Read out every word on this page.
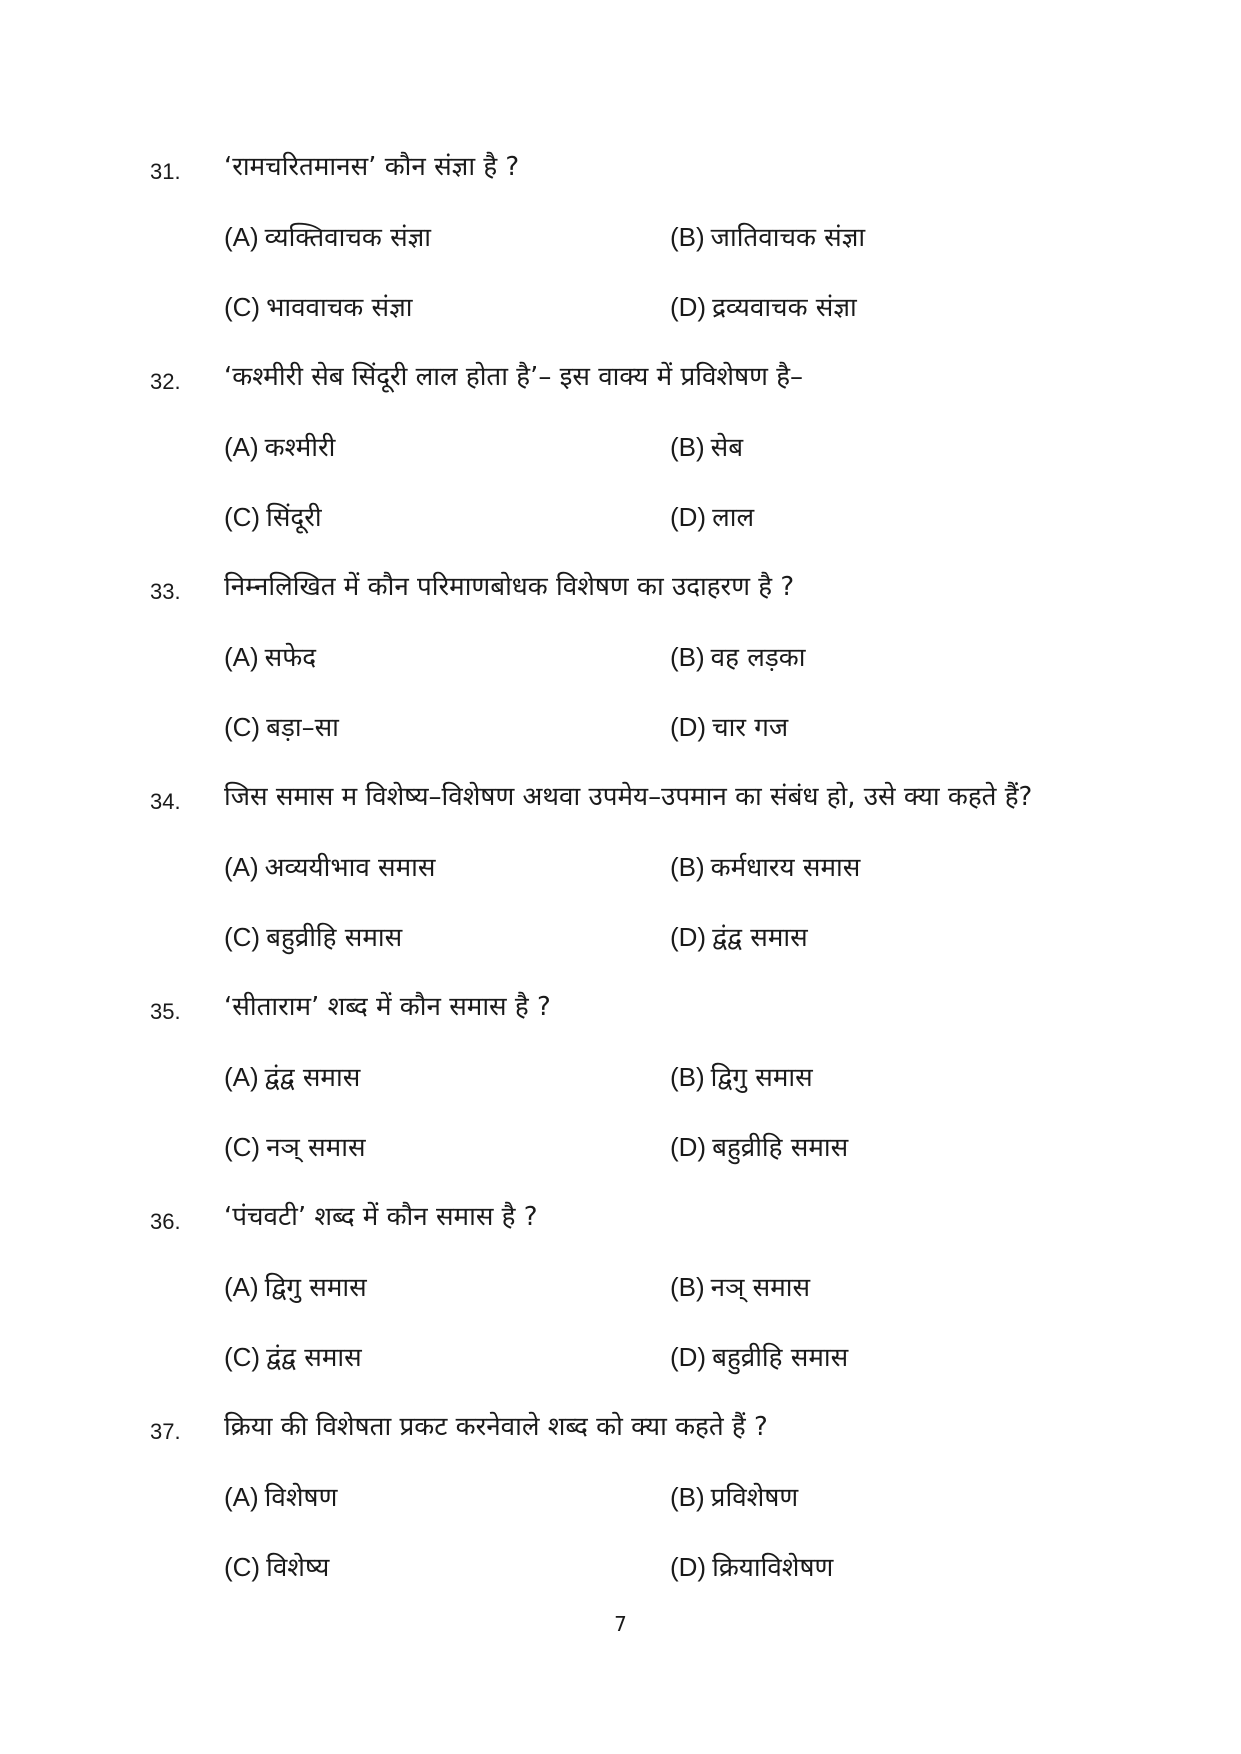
31. ‘रामचरितमानस’ कौन संज्ञा है ?
(A) व्यक्तिवाचक संज्ञा	(B) जातिवाचक संज्ञा
(C) भाववाचक संज्ञा	(D) द्रव्यवाचक संज्ञा
32. ‘कश्मीरी सेब सिंदूरी लाल होता है’– इस वाक्य में प्रविशेषण है–
(A) कश्मीरी	(B) सेब
(C) सिंदूरी	(D) लाल
33. निम्नलिखित में कौन परिमाणबोधक विशेषण का उदाहरण है ?
(A) सफेद	(B) वह लड़का
(C) बड़ा–सा	(D) चार गज
34. जिस समास म विशेष्य–विशेषण अथवा उपमेय–उपमान का संबंध हो, उसे क्या कहते हैं?
(A) अव्ययीभाव समास	(B) कर्मधारय समास
(C) बहुव्रीहि समास	(D) द्वंद्व समास
35. ‘सीताराम’ शब्द में कौन समास है ?
(A) द्वंद्व समास	(B) द्विगु समास
(C) नञ् समास	(D) बहुव्रीहि समास
36. ‘पंचवटी’ शब्द में कौन समास है ?
(A) द्विगु समास	(B) नञ् समास
(C) द्वंद्व समास	(D) बहुव्रीहि समास
37. क्रिया की विशेषता प्रकट करनेवाले शब्द को क्या कहते हैं ?
(A) विशेषण	(B) प्रविशेषण
(C) विशेष्य	(D) क्रियाविशेषण
7
